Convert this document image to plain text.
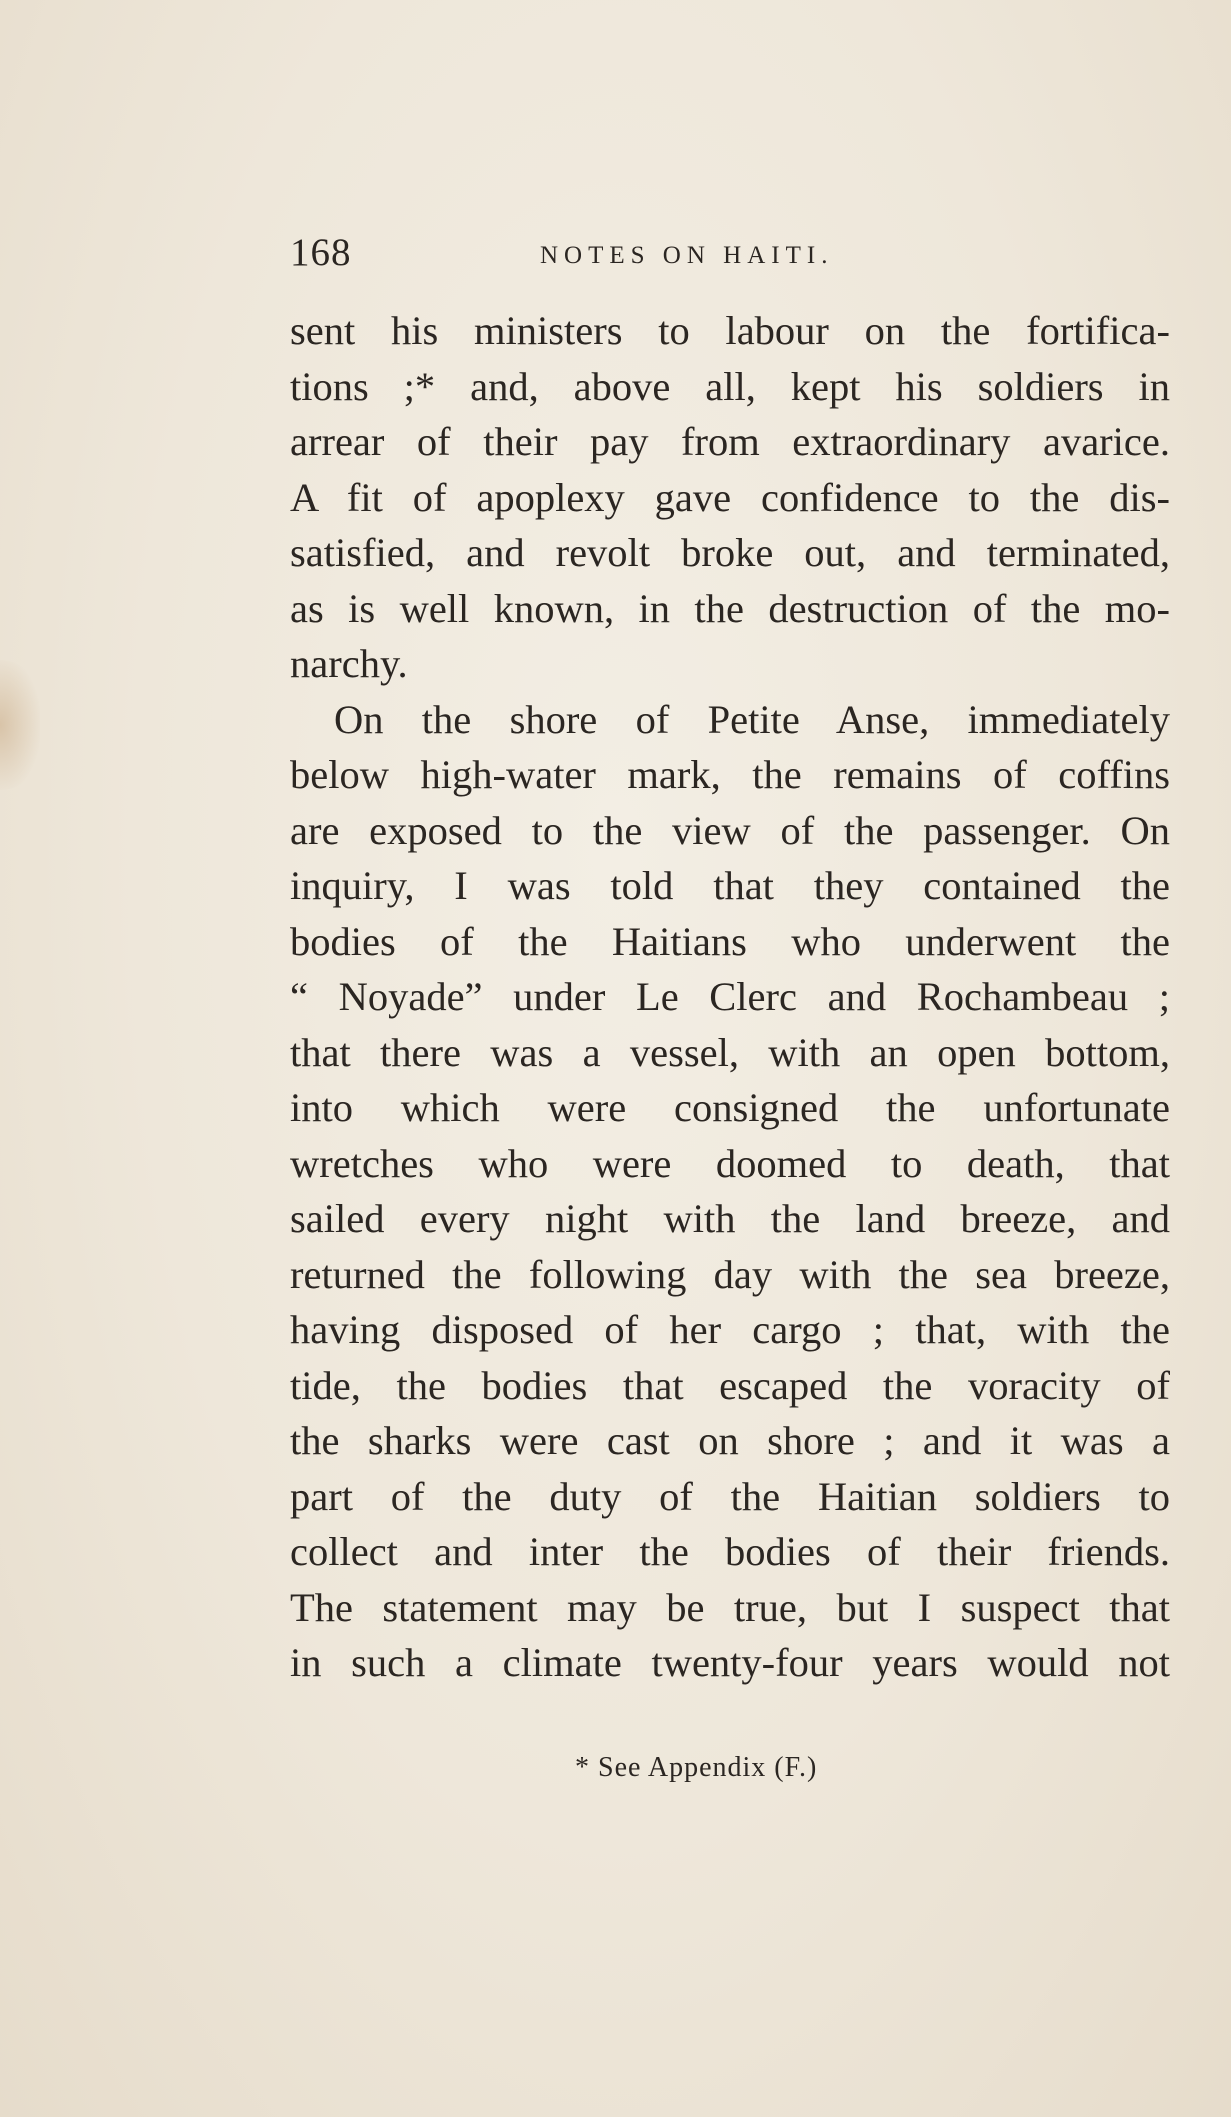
168	NOTES ON HAITI.
sent his ministers to labour on the fortifica-
tions ;* and, above all, kept his soldiers in
arrear of their pay from extraordinary avarice.
A fit of apoplexy gave confidence to the dis-
satisfied, and revolt broke out, and terminated,
as is well known, in the destruction of the mo-
narchy.
On the shore of Petite Anse, immediately
below high-water mark, the remains of coffins
are exposed to the view of the passenger. On
inquiry, I was told that they contained the
bodies of the Haitians who underwent the
“ Noyade” under Le Clerc and Rochambeau ;
that there was a vessel, with an open bottom,
into which were consigned the unfortunate
wretches who were doomed to death, that
sailed every night with the land breeze, and
returned the following day with the sea breeze,
having disposed of her cargo ; that, with the
tide, the bodies that escaped the voracity of
the sharks were cast on shore ; and it was a
part of the duty of the Haitian soldiers to
collect and inter the bodies of their friends.
The statement may be true, but I suspect that
in such a climate twenty-four years would not
* See Appendix (F.)
